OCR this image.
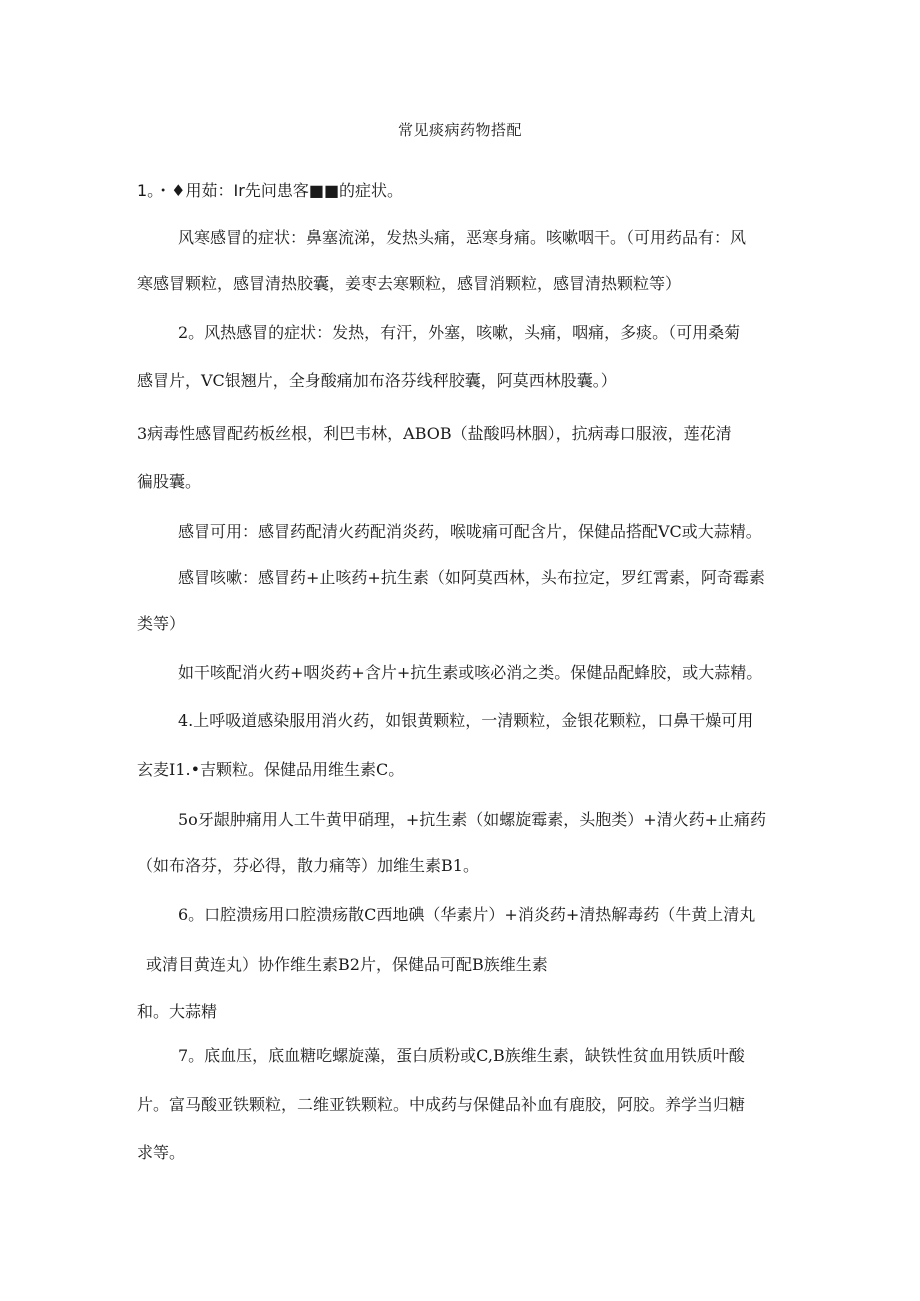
常见痰病药物搭配
1。・♦用茹：Ir先问患客■■的症状。
风寒感冒的症状：鼻塞流涕，发热头痛，恶寒身痛。咳嗽咽干。（可用药品有：风
寒感冒颗粒，感冒清热胶囊，姜枣去寒颗粒，感冒消颗粒，感冒清热颗粒等）
2。风热感冒的症状：发热，有汗，外塞，咳嗽，头痛，咽痛，多痰。（可用桑菊
感冒片，VC银翘片，全身酸痛加布洛芬线秤胶囊，阿莫西林股囊。）
3病毒性感冒配药板丝根，利巴韦林，ABOB（盐酸吗林胭），抗病毒口服液，莲花清
徧股囊。
感冒可用：感冒药配清火药配消炎药，喉咙痛可配含片，保健品搭配VC或大蒜精。
感冒咳嗽：感冒药+止咳药+抗生素（如阿莫西林，头布拉定，罗红霄素，阿奇霉素
类等）
如干咳配消火药+咽炎药+含片+抗生素或咳必消之类。保健品配蜂胶，或大蒜精。
4.上呼吸道感染服用消火药，如银黄颗粒，一清颗粒，金银花颗粒，口鼻干燥可用
玄麦I1.•吉颗粒。保健品用维生素C。
5o牙龈肿痛用人工牛黄甲硝理，+抗生素（如螺旋霉素，头胞类）+清火药+止痛药
（如布洛芬，芬必得，散力痛等）加维生素B1。
6。口腔溃疡用口腔溃疡散C西地碘（华素片）+消炎药+清热解毒药（牛黄上清丸
或清目黄连丸）协作维生素B2片，保健品可配B族维生素
和。大蒜精
7。底血压，底血糖吃螺旋藻，蛋白质粉或C,B族维生素，缺铁性贫血用铁质叶酸
片。富马酸亚铁颗粒，二维亚铁颗粒。中成药与保健品补血有鹿胶，阿胶。养学当归糖
求等。
